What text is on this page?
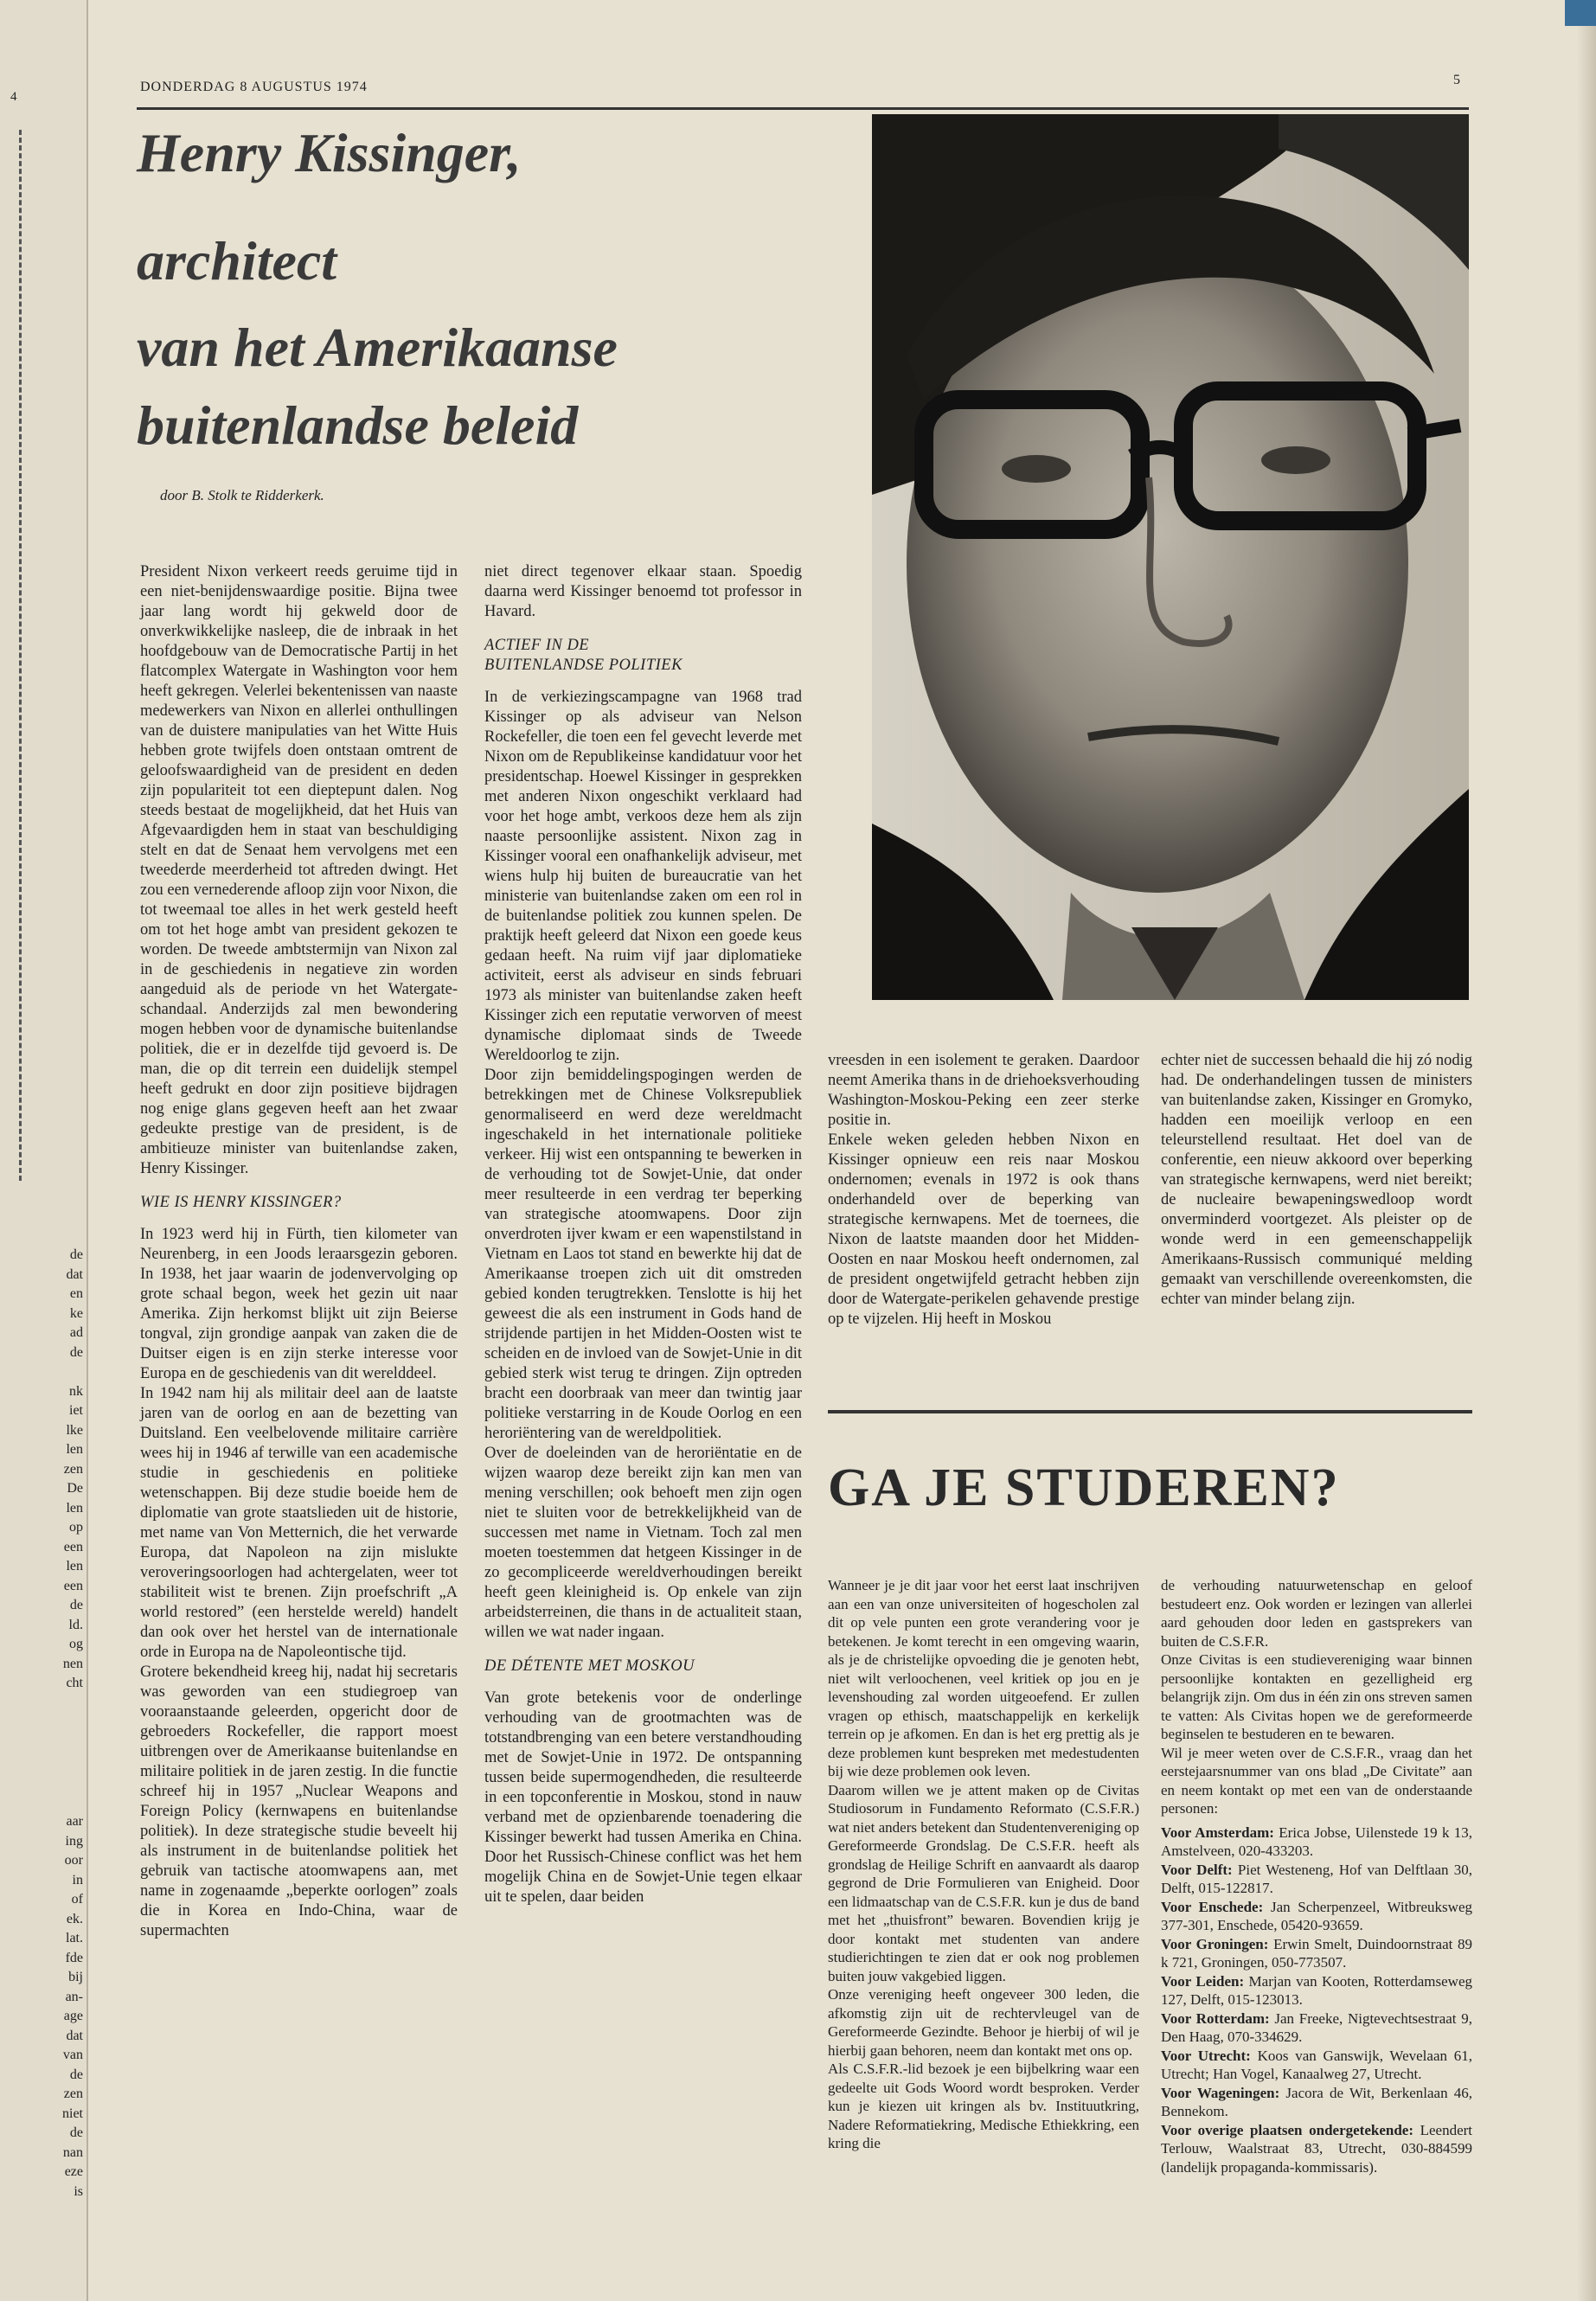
4
de
dat
en
ke
ad
de
nk
iet
lke
len
zen
De
len
op
een
len
een
de
ld.
og
nen
cht
aar
ing
oor
in
of
ek.
lat.
fde
bij
an-
age
dat
van
de
zen
niet
de
nan
eze
is
DONDERDAG 8 AUGUSTUS 1974	5
Henry Kissinger,
architect
van het Amerikaanse
buitenlandse beleid
door B. Stolk te Ridderkerk.

President Nixon verkeert reeds geruime tijd in een niet-benijdenswaardige positie. Bijna twee jaar lang wordt hij gekweld door de onverkwikkelijke nasleep, die de inbraak in het hoofdgebouw van de Democratische Partij in het flatcomplex Watergate in Washington voor hem heeft gekregen. Velerlei bekentenissen van naaste medewerkers van Nixon en allerlei onthullingen van de duistere manipulaties van het Witte Huis hebben grote twijfels doen ontstaan omtrent de geloofswaardigheid van de president en deden zijn populariteit tot een dieptepunt dalen. Nog steeds bestaat de mogelijkheid, dat het Huis van Afgevaardigden hem in staat van beschuldiging stelt en dat de Senaat hem vervolgens met een tweederde meerderheid tot aftreden dwingt. Het zou een vernederende afloop zijn voor Nixon, die tot tweemaal toe alles in het werk gesteld heeft om tot het hoge ambt van president gekozen te worden. De tweede ambtstermijn van Nixon zal in de geschiedenis in negatieve zin worden aangeduid als de periode vn het Watergate-schandaal. Anderzijds zal men bewondering mogen hebben voor de dynamische buitenlandse politiek, die er in dezelfde tijd gevoerd is. De man, die op dit terrein een duidelijk stempel heeft gedrukt en door zijn positieve bijdragen nog enige glans gegeven heeft aan het zwaar gedeukte prestige van de president, is de ambitieuze minister van buitenlandse zaken, Henry Kissinger.

WIE IS HENRY KISSINGER?

In 1923 werd hij in Fürth, tien kilometer van Neurenberg, in een Joods leraarsgezin geboren. In 1938, het jaar waarin de jodenvervolging op grote schaal begon, week het gezin uit naar Amerika. Zijn herkomst blijkt uit zijn Beierse tongval, zijn grondige aanpak van zaken die de Duitser eigen is en zijn sterke interesse voor Europa en de geschiedenis van dit werelddeel.

In 1942 nam hij als militair deel aan de laatste jaren van de oorlog en aan de bezetting van Duitsland. Een veelbelovende militaire carrière wees hij in 1946 af terwille van een academische studie in geschiedenis en politieke wetenschappen. Bij deze studie boeide hem de diplomatie van grote staatslieden uit de historie, met name van Von Metternich, die het verwarde Europa, dat Napoleon na zijn mislukte veroveringsoorlogen had achtergelaten, weer tot stabiliteit wist te brenen. Zijn proefschrift „A world restored” (een herstelde wereld) handelt dan ook over het herstel van de internationale orde in Europa na de Napoleontische tijd.

Grotere bekendheid kreeg hij, nadat hij secretaris was geworden van een studiegroep van vooraanstaande geleerden, opgericht door de gebroeders Rockefeller, die rapport moest uitbrengen over de Amerikaanse buitenlandse en militaire politiek in de jaren zestig. In die functie schreef hij in 1957 „Nuclear Weapons and Foreign Policy (kernwapens en buitenlandse politiek). In deze strategische studie beveelt hij als instrument in de buitenlandse politiek het gebruik van tactische atoomwapens aan, met name in zogenaamde „beperkte oorlogen” zoals die in Korea en Indo-China, waar de supermachten

niet direct tegenover elkaar staan. Spoedig daarna werd Kissinger benoemd tot professor in Havard.

ACTIEF IN DE

BUITENLANDSE POLITIEK

In de verkiezingscampagne van 1968 trad Kissinger op als adviseur van Nelson Rockefeller, die toen een fel gevecht leverde met Nixon om de Republikeinse kandidatuur voor het presidentschap. Hoewel Kissinger in gesprekken met anderen Nixon ongeschikt verklaard had voor het hoge ambt, verkoos deze hem als zijn naaste persoonlijke assistent. Nixon zag in Kissinger vooral een onafhankelijk adviseur, met wiens hulp hij buiten de bureaucratie van het ministerie van buitenlandse zaken om een rol in de buitenlandse politiek zou kunnen spelen. De praktijk heeft geleerd dat Nixon een goede keus gedaan heeft. Na ruim vijf jaar diplomatieke activiteit, eerst als adviseur en sinds februari 1973 als minister van buitenlandse zaken heeft Kissinger zich een reputatie verworven of meest dynamische diplomaat sinds de Tweede Wereldoorlog te zijn.

Door zijn bemiddelingspogingen werden de betrekkingen met de Chinese Volksrepubliek genormaliseerd en werd deze wereldmacht ingeschakeld in het internationale politieke verkeer. Hij wist een ontspanning te bewerken in de verhouding tot de Sowjet-Unie, dat onder meer resulteerde in een verdrag ter beperking van strategische atoomwapens. Door zijn onverdroten ijver kwam er een wapenstilstand in Vietnam en Laos tot stand en bewerkte hij dat de Amerikaanse troepen zich uit dit omstreden gebied konden terugtrekken. Tenslotte is hij het geweest die als een instrument in Gods hand de strijdende partijen in het Midden-Oosten wist te scheiden en de invloed van de Sowjet-Unie in dit gebied sterk wist terug te dringen. Zijn optreden bracht een doorbraak van meer dan twintig jaar politieke verstarring in de Koude Oorlog en een heroriëntering van de wereldpolitiek.

Over de doeleinden van de heroriëntatie en de wijzen waarop deze bereikt zijn kan men van mening verschillen; ook behoeft men zijn ogen niet te sluiten voor de betrekkelijkheid van de successen met name in Vietnam. Toch zal men moeten toestemmen dat hetgeen Kissinger in de zo gecompliceerde wereldverhoudingen bereikt heeft geen kleinigheid is. Op enkele van zijn arbeidsterreinen, die thans in de actualiteit staan, willen we wat nader ingaan.

DE DÉTENTE MET MOSKOU

Van grote betekenis voor de onderlinge verhouding van de grootmachten was de totstandbrenging van een betere verstandhouding met de Sowjet-Unie in 1972. De ontspanning tussen beide supermogendheden, die resulteerde in een topconferentie in Moskou, stond in nauw verband met de opzienbarende toenadering die Kissinger bewerkt had tussen Amerika en China. Door het Russisch-Chinese conflict was het hem mogelijk China en de Sowjet-Unie tegen elkaar uit te spelen, daar beiden

vreesden in een isolement te geraken. Daardoor neemt Amerika thans in de driehoeksverhouding Washington-Moskou-Peking een zeer sterke positie in.

Enkele weken geleden hebben Nixon en Kissinger opnieuw een reis naar Moskou ondernomen; evenals in 1972 is ook thans onderhandeld over de beperking van strategische kernwapens. Met de toernees, die Nixon de laatste maanden door het Midden-Oosten en naar Moskou heeft ondernomen, zal de president ongetwijfeld getracht hebben zijn door de Watergate-perikelen gehavende prestige op te vijzelen. Hij heeft in Moskou

echter niet de successen behaald die hij zó nodig had. De onderhandelingen tussen de ministers van buitenlandse zaken, Kissinger en Gromyko, hadden een moeilijk verloop en een teleurstellend resultaat. Het doel van de conferentie, een nieuw akkoord over beperking van strategische kernwapens, werd niet bereikt; de nucleaire bewapeningswedloop wordt onverminderd voortgezet. Als pleister op de wonde werd in een gemeenschappelijk Amerikaans-Russisch communiqué melding gemaakt van verschillende overeenkomsten, die echter van minder belang zijn.

GA JE STUDEREN?

Wanneer je je dit jaar voor het eerst laat inschrijven aan een van onze universiteiten of hogescholen zal dit op vele punten een grote verandering voor je betekenen. Je komt terecht in een omgeving waarin, als je de christelijke opvoeding die je genoten hebt, niet wilt verloochenen, veel kritiek op jou en je levenshouding zal worden uitgeoefend. Er zullen vragen op ethisch, maatschappelijk en kerkelijk terrein op je afkomen. En dan is het erg prettig als je deze problemen kunt bespreken met medestudenten bij wie deze problemen ook leven.

Daarom willen we je attent maken op de Civitas Studiosorum in Fundamento Reformato (C.S.F.R.) wat niet anders betekent dan Studentenvereniging op Gereformeerde Grondslag. De C.S.F.R. heeft als grondslag de Heilige Schrift en aanvaardt als daarop gegrond de Drie Formulieren van Enigheid. Door een lidmaatschap van de C.S.F.R. kun je dus de band met het „thuisfront” bewaren. Bovendien krijg je door kontakt met studenten van andere studierichtingen te zien dat er ook nog problemen buiten jouw vakgebied liggen.

Onze vereniging heeft ongeveer 300 leden, die afkomstig zijn uit de rechtervleugel van de Gereformeerde Gezindte. Behoor je hierbij of wil je hierbij gaan behoren, neem dan kontakt met ons op.

Als C.S.F.R.-lid bezoek je een bijbelkring waar een gedeelte uit Gods Woord wordt besproken. Verder kun je kiezen uit kringen als bv. Instituutkring, Nadere Reformatiekring, Medische Ethiekkring, een kring die

de verhouding natuurwetenschap en geloof bestudeert enz. Ook worden er lezingen van allerlei aard gehouden door leden en gastsprekers van buiten de C.S.F.R.

Onze Civitas is een studievereniging waar binnen persoonlijke kontakten en gezelligheid erg belangrijk zijn. Om dus in één zin ons streven samen te vatten: Als Civitas hopen we de gereformeerde beginselen te bestuderen en te bewaren.

Wil je meer weten over de C.S.F.R., vraag dan het eerstejaarsnummer van ons blad „De Civitate” aan en neem kontakt op met een van de onderstaande personen:

Voor Amsterdam: Erica Jobse, Uilenstede 19 k 13, Amstelveen, 020-433203.

Voor Delft: Piet Westeneng, Hof van Delftlaan 30, Delft, 015-122817.

Voor Enschede: Jan Scherpenzeel, Witbreuksweg 377-301, Enschede, 05420-93659.

Voor Groningen: Erwin Smelt, Duindoornstraat 89 k 721, Groningen, 050-773507.

Voor Leiden: Marjan van Kooten, Rotterdamseweg 127, Delft, 015-123013.

Voor Rotterdam: Jan Freeke, Nigtevechtsestraat 9, Den Haag, 070-334629.

Voor Utrecht: Koos van Ganswijk, Wevelaan 61, Utrecht; Han Vogel, Kanaalweg 27, Utrecht.

Voor Wageningen: Jacora de Wit, Berkenlaan 46, Bennekom.

Voor overige plaatsen ondergetekende: Leendert Terlouw, Waalstraat 83, Utrecht, 030-884599 (landelijk propaganda-kommissaris).
